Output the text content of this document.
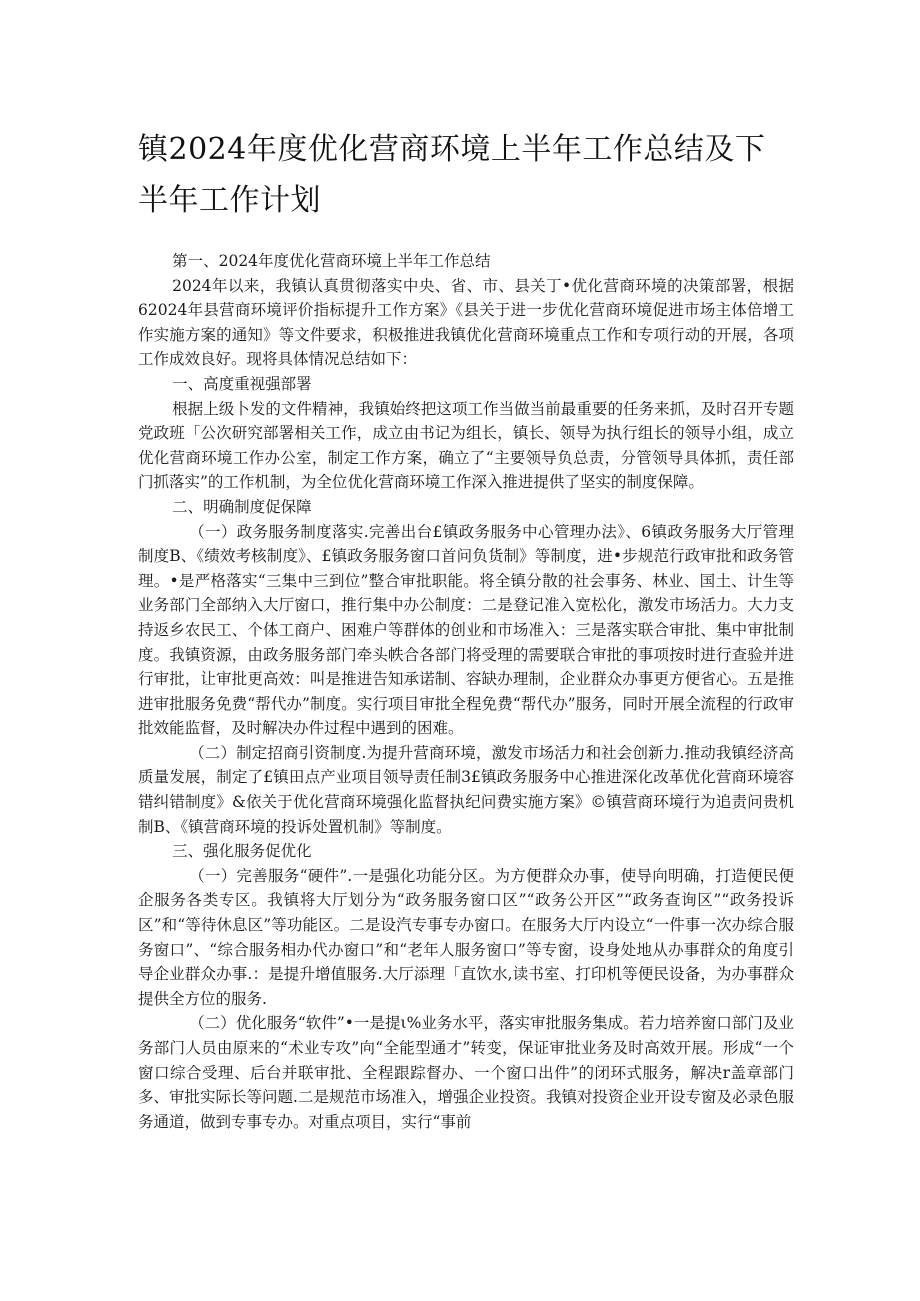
镇2024年度优化营商环境上半年工作总结及下半年工作计划

第一、2024年度优化营商环境上半年工作总结

2024年以来，我镇认真贯彻落实中央、省、市、县关丁•优化营商环境的决策部署，根据62024年县营商环境评价指标提升工作方案》《县关于进一步优化营商环境促进市场主体倍增工作实施方案的通知》等文件要求，积极推进我镇优化营商环境重点工作和专项行动的开展，各项工作成效良好。现将具体情况总结如下：

一、高度重视强部署

根据上级卜发的文件精神，我镇始终把这项工作当做当前最重要的任务来抓，及时召开专题党政班「公次研究部署相关工作，成立由书记为组长，镇长、领导为执行组长的领导小组，成立优化营商环境工作办公室，制定工作方案，确立了“主要领导负总责，分管领导具体抓，责任部门抓落实”的工作机制，为全位优化营商环境工作深入推进提供了坚实的制度保障。

二、明确制度促保障

（一）政务服务制度落实.完善出台£镇政务服务中心管理办法》、6镇政务服务大厅管理制度B、《绩效考核制度》、£镇政务服务窗口首问负货制》等制度，进•步规范行政审批和政务管理。•是严格落实“三集中三到位”整合审批职能。将全镇分散的社会事务、林业、国土、计生等业务部门全部纳入大厅窗口，推行集中办公制度：二是登记准入宽松化，激发市场活力。大力支持返乡农民工、个体工商户、困难户等群体的创业和市场准入：三是落实联合审批、集中审批制度。我镇资源，由政务服务部门牵头帙合各部门将受理的需要联合审批的事项按时进行查验并进行审批，让审批更高效：叫是推进告知承诺制、容缺办理制，企业群众办事更方便省心。五是推进审批服务免费“帮代办”制度。实行项目审批全程免费“帮代办”服务，同时开展全流程的行政审批效能监督，及时解决办件过程中遇到的困难。

（二）制定招商引资制度.为提升营商环境，激发市场活力和社会创新力.推动我镇经济高质量发展，制定了£镇田点产业项目领导责任制3£镇政务服务中心推进深化改革优化营商环境容错纠错制度》&依关于优化营商环境强化监督执纪问费实施方案》©镇营商环境行为追责问贵机制B、《镇营商环境的投诉处置机制》等制度。

三、强化服务促优化

（一）完善服务“硬件”.一是强化功能分区。为方便群众办事，使导向明确，打造便民便企服务各类专区。我镇将大厅划分为“政务服务窗口区”“政务公开区”“政务查询区”“政务投诉区”和“等待休息区”等功能区。二是设汽专事专办窗口。在服务大厅内设立“一件事一次办综合服务窗口”、“综合服务相办代办窗口”和“老年人服务窗口”等专窗，设身处地从办事群众的角度引导企业群众办事.：是提升增值服务.大厅添理「直饮水,读书室、打印机等便民设备，为办事群众提供全方位的服务.

（二）优化服务“软件”•一是提ι%业务水平，落实审批服务集成。若力培养窗口部门及业务部门人员由原来的“术业专攻”向“全能型通才”转变，保证审批业务及时高效开展。形成“一个窗口综合受理、后台并联审批、全程跟踪督办、一个窗口出件”的闭环式服务，解决r盖章部门多、审批实际长等问题.二是规范市场准入，增强企业投资。我镇对投资企业开设专窗及必录色服务通道，做到专事专办。对重点项目，实行“事前
